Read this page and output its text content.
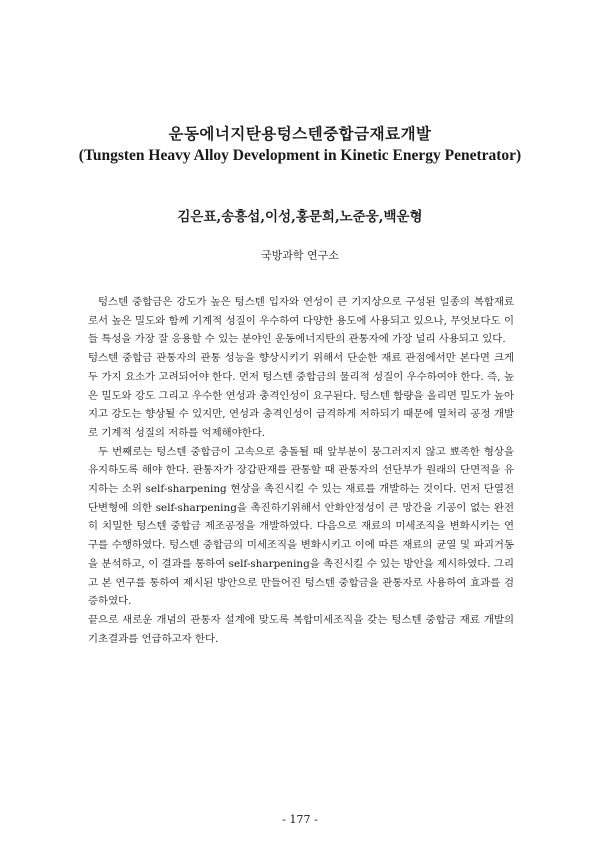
운동에너지탄용텅스텐중합금재료개발
(Tungsten Heavy Alloy Development in Kinetic Energy Penetrator)
김은표,송흥섭,이성,홍문희,노준웅,백운형
국방과학 연구소

텅스텐 중합금은 강도가 높은 텅스텐 입자와 연성이 큰 기지상으로 구성된 일종의 복합재료로서 높은 밀도와 함께 기계적 성질이 우수하여 다양한 용도에 사용되고 있으나, 무엇보다도 이들 특성을 가장 잘 응용할 수 있는 분야인 운동에너지탄의 관통자에 가장 널리 사용되고 있다.

텅스텐 중합금 관통자의 관통 성능을 향상시키기 위해서 단순한 재료 관점에서만 본다면 크게 두 가지 요소가 고려되어야 한다. 먼저 텅스텐 중합금의 물리적 성질이 우수하여야 한다. 즉, 높은 밀도와 강도 그리고 우수한 연성과 충격인성이 요구된다. 텅스텐 함량을 올리면 밀도가 높아지고 강도는 향상될 수 있지만, 연성과 충격인성이 급격하게 저하되기 때문에 열처리 공정 개발로 기계적 성질의 저하를 억제해야한다.

두 번째로는 텅스텐 중합금이 고속으로 충돌될 때 앞부분이 뭉그러지지 않고 뾰족한 형상을 유지하도록 해야 한다. 관통자가 장갑판재를 관통할 때 관통자의 선단부가 원래의 단면적을 유지하는 소위 self-sharpening 현상을 촉진시킬 수 있는 재료를 개발하는 것이다. 먼저 단열전단변형에 의한 self-sharpening을 촉진하기위해서 안화안정성이 큰 망간을 기공이 없는 완전히 치밀한 텅스텐 중합금 제조공정을 개발하였다. 다음으로 재료의 미세조직을 변화시키는 연구를 수행하였다. 텅스텐 중합금의 미세조직을 변화시키고 이에 따른 재료의 균열 및 파괴거동을 분석하고, 이 결과를 통하여 self-sharpening을 촉진시킬 수 있는 방안을 제시하였다. 그리고 본 연구를 통하여 제시된 방안으로 만들어진 텅스텐 중합금을 관통자로 사용하여 효과를 검증하였다.

끝으로 새로운 개념의 관통자 설계에 맞도록 복합미세조직을 갖는 텅스텐 중합금 재료 개발의 기초결과를 언급하고자 한다.

- 177 -
